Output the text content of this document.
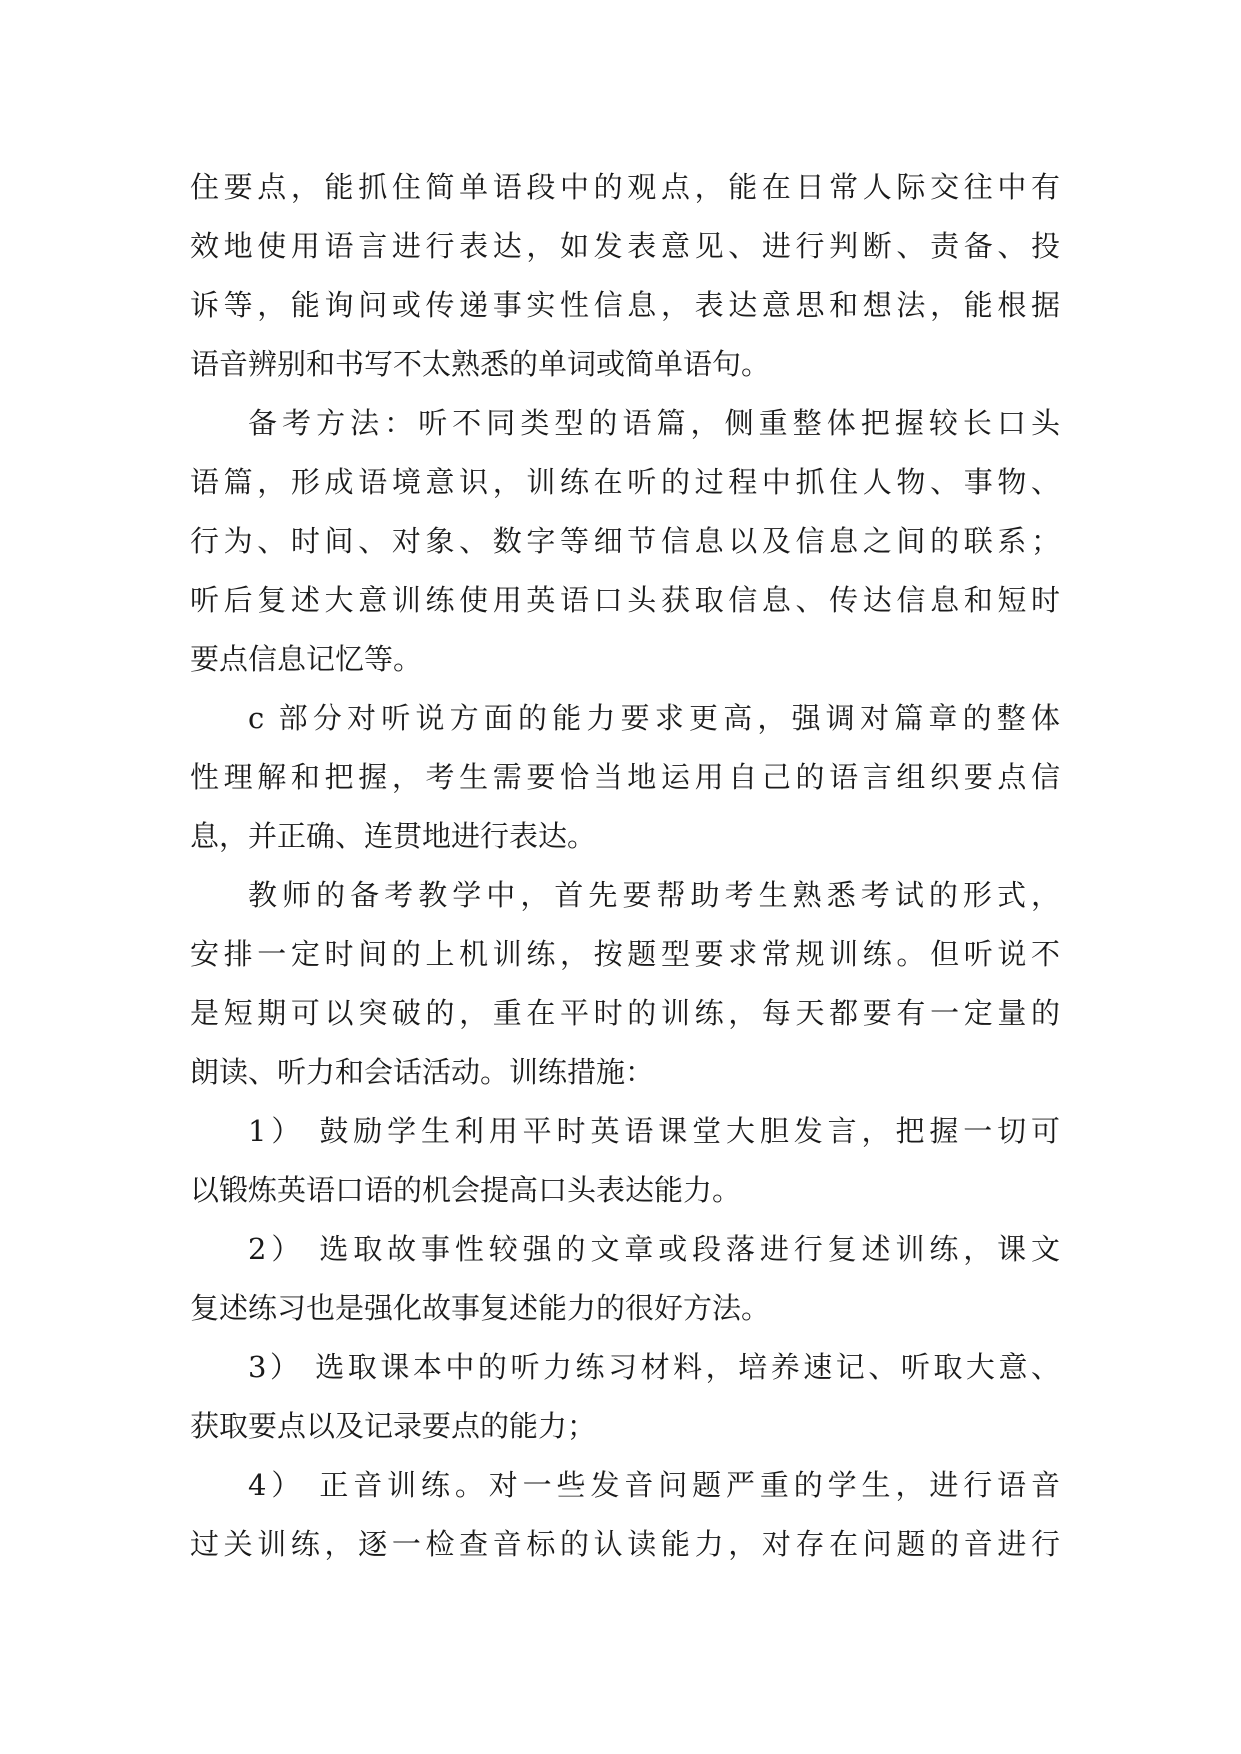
住要点，能抓住简单语段中的观点，能在日常人际交往中有
效地使用语言进行表达，如发表意见、进行判断、责备、投
诉等，能询问或传递事实性信息，表达意思和想法，能根据
语音辨别和书写不太熟悉的单词或简单语句。
备考方法：听不同类型的语篇，侧重整体把握较长口头
语篇，形成语境意识，训练在听的过程中抓住人物、事物、
行为、时间、对象、数字等细节信息以及信息之间的联系；
听后复述大意训练使用英语口头获取信息、传达信息和短时
要点信息记忆等。
c 部分对听说方面的能力要求更高，强调对篇章的整体
性理解和把握，考生需要恰当地运用自己的语言组织要点信
息，并正确、连贯地进行表达。
教师的备考教学中，首先要帮助考生熟悉考试的形式，
安排一定时间的上机训练，按题型要求常规训练。但听说不
是短期可以突破的，重在平时的训练，每天都要有一定量的
朗读、听力和会话活动。训练措施：
1） 鼓励学生利用平时英语课堂大胆发言，把握一切可
以锻炼英语口语的机会提高口头表达能力。
2） 选取故事性较强的文章或段落进行复述训练，课文
复述练习也是强化故事复述能力的很好方法。
3） 选取课本中的听力练习材料，培养速记、听取大意、
获取要点以及记录要点的能力；
4） 正音训练。对一些发音问题严重的学生，进行语音
过关训练，逐一检查音标的认读能力，对存在问题的音进行
